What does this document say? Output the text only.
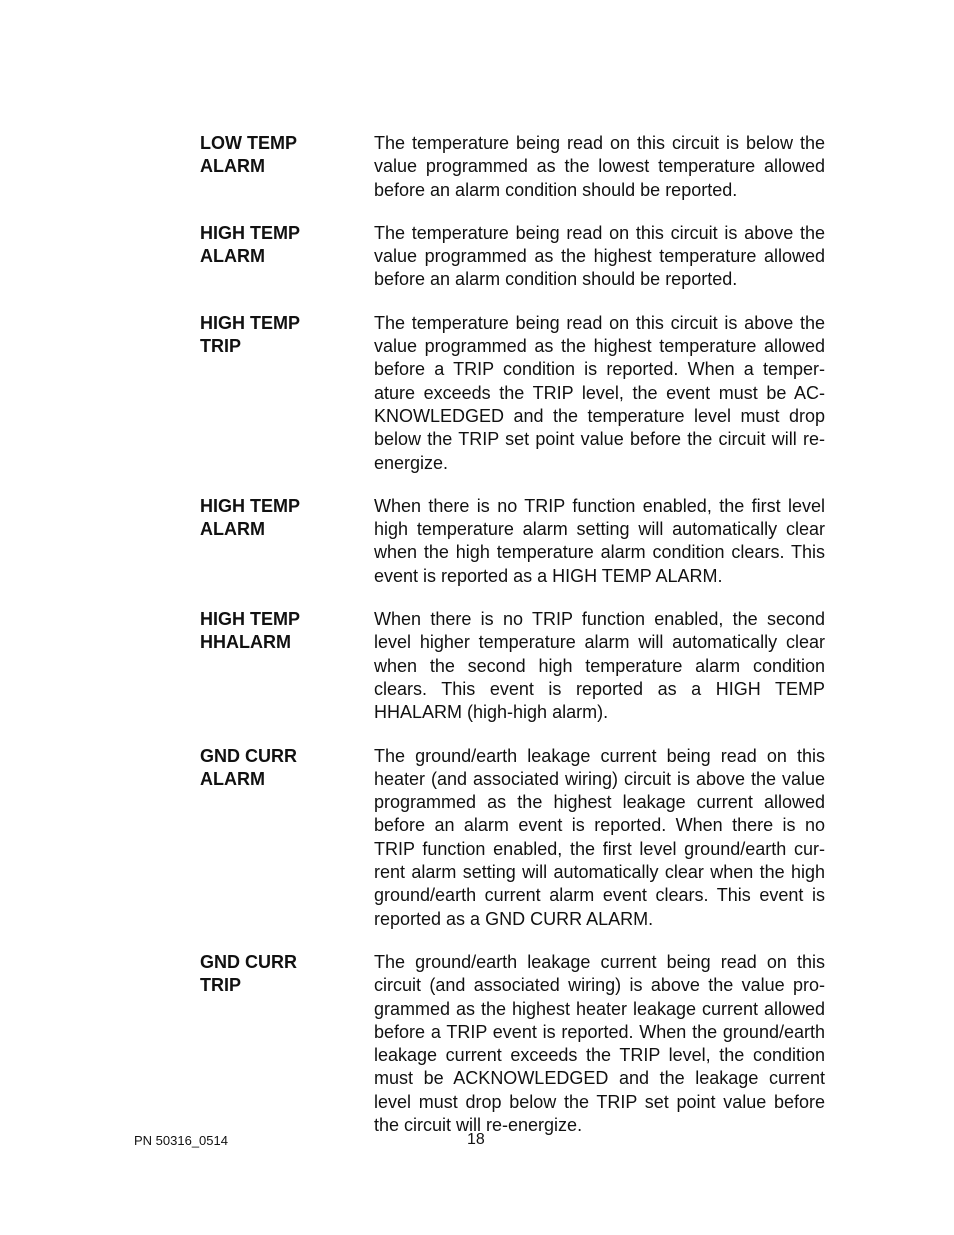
LOW TEMP
ALARM
The temperature being read on this circuit is below the value programmed as the lowest temperature allowed before an alarm condition should be reported.
HIGH TEMP
ALARM
The temperature being read on this circuit is above the value programmed as the highest temperature allowed before an alarm condition should be reported.
HIGH TEMP
TRIP
The temperature being read on this circuit is above the value programmed as the highest temperature allowed before a TRIP condition is reported. When a temperature exceeds the TRIP level, the event must be ACKNOWLEDGED and the temperature level must drop below the TRIP set point value before the circuit will re-energize.
HIGH TEMP
ALARM
When there is no TRIP function enabled, the first level high temperature alarm setting will automatically clear when the high temperature alarm condition clears. This event is reported as a HIGH TEMP ALARM.
HIGH TEMP
HHALARM
When there is no TRIP function enabled, the second level higher temperature alarm will automatically clear when the second high temperature alarm condition clears. This event is reported as a HIGH TEMP HHALARM (high-high alarm).
GND CURR
ALARM
The ground/earth leakage current being read on this heater (and associated wiring) circuit is above the value programmed as the highest leakage current allowed before an alarm event is reported. When there is no TRIP function enabled, the first level ground/earth current alarm setting will automatically clear when the high ground/earth current alarm event clears. This event is reported as a GND CURR ALARM.
GND CURR
TRIP
The ground/earth leakage current being read on this circuit (and associated wiring) is above the value programmed as the highest heater leakage current allowed before a TRIP event is reported. When the ground/earth leakage current exceeds the TRIP level, the condition must be ACKNOWLEDGED and the leakage current level must drop below the TRIP set point value before the circuit will re-energize.
PN 50316_0514	18
